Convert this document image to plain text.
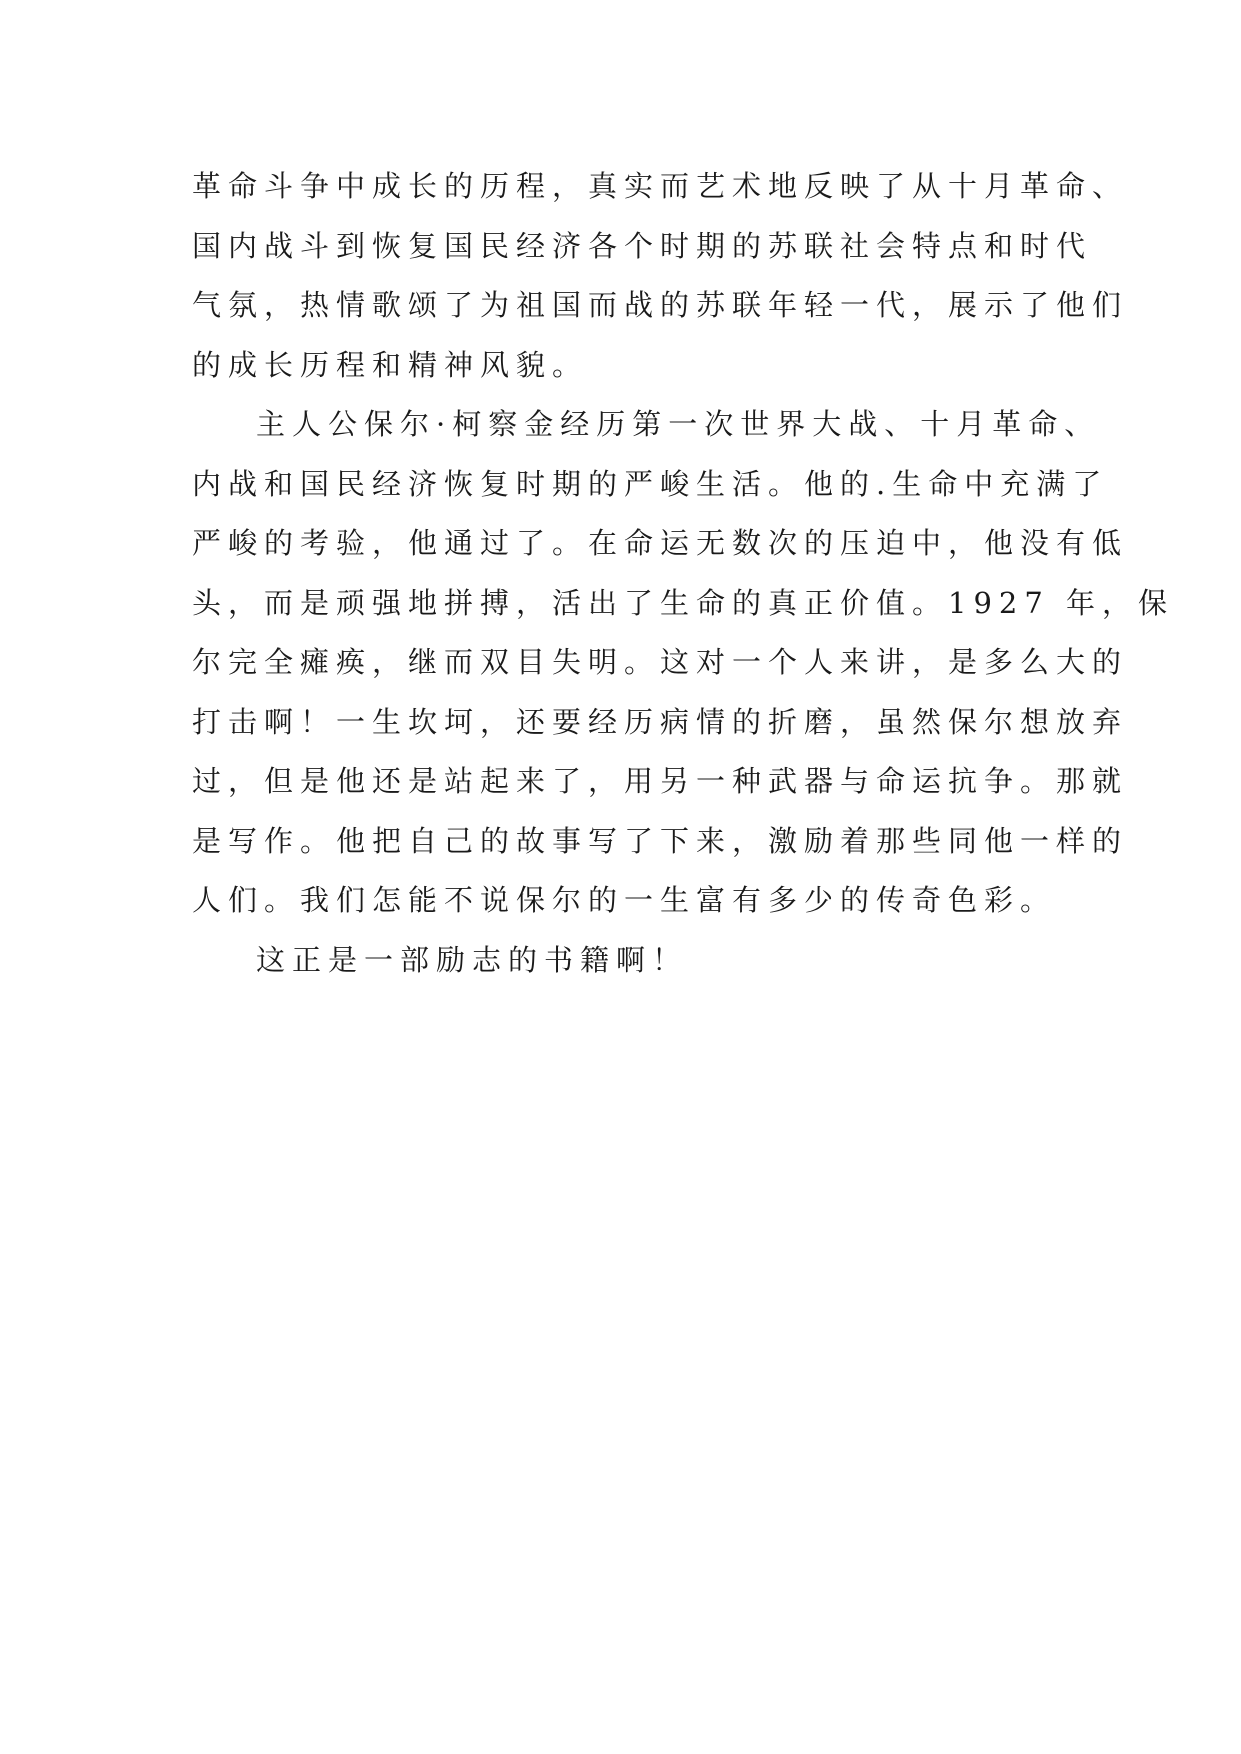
革命斗争中成长的历程，真实而艺术地反映了从十月革命、
国内战斗到恢复国民经济各个时期的苏联社会特点和时代
气氛，热情歌颂了为祖国而战的苏联年轻一代，展示了他们
的成长历程和精神风貌。
主人公保尔·柯察金经历第一次世界大战、十月革命、
内战和国民经济恢复时期的严峻生活。他的.生命中充满了
严峻的考验，他通过了。在命运无数次的压迫中，他没有低
头，而是顽强地拼搏，活出了生命的真正价值。1927 年，保
尔完全瘫痪，继而双目失明。这对一个人来讲，是多么大的
打击啊！一生坎坷，还要经历病情的折磨，虽然保尔想放弃
过，但是他还是站起来了，用另一种武器与命运抗争。那就
是写作。他把自己的故事写了下来，激励着那些同他一样的
人们。我们怎能不说保尔的一生富有多少的传奇色彩。
这正是一部励志的书籍啊！
